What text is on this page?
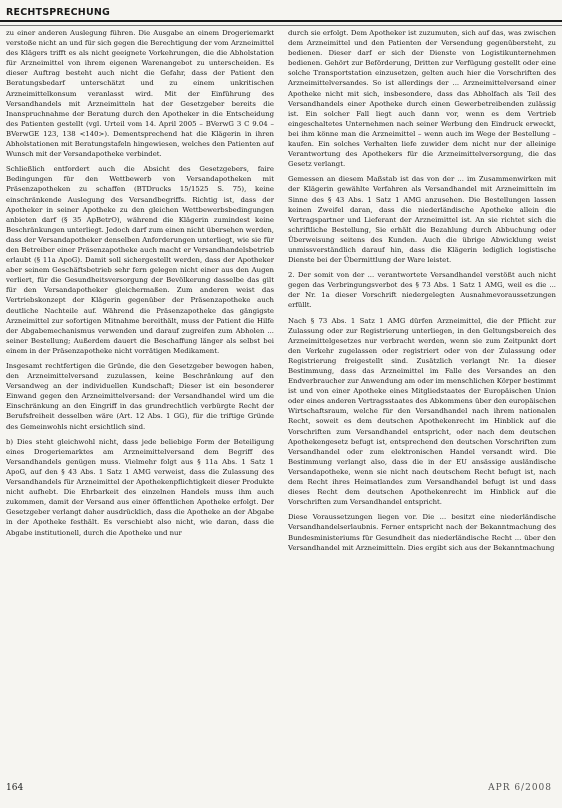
RECHTSPRECHUNG

zu einer anderen Auslegung führen. Die Ausgabe an einem Drogeriemarkt verstoße nicht an und für sich gegen die Berechtigung der vom Arzneimittel des Klägers trifft es als nicht geeignete Vorkehrungen, die die Abholstation für Arzneimittel von ihrem eigenen Warenangebot zu unterscheiden. Es dieser Auftrag besteht auch nicht die Gefahr, dass der Patient den Beratungsbedarf unterschätzt und zu einem unkritischen Arzneimittelkonsum veranlasst wird. Mit der Einführung des Versandhandels mit Arzneimitteln hat der Gesetzgeber bereits die Inanspruchnahme der Beratung durch den Apotheker in die Entscheidung des Patienten gestellt (vgl. Urteil vom 14. April 2005 – BVerwG 3 C 9.04 – BVerwGE 123, 138 <140>). Dementsprechend hat die Klägerin in ihren Abholstationen mit Beratungstafeln hingewiesen, welches den Patienten auf Wunsch mit der Versandapotheke verbindet.

Schließlich entfordert auch die Absicht des Gesetzgebers, faire Bedingungen für den Wettbewerb von Versandapotheken mit Präsenzapotheken zu schaffen (BTDrucks 15/1525 S. 75), keine einschränkende Auslegung des Versandbegriffs. Richtig ist, dass der Apotheker in seiner Apotheke zu den gleichen Wettbewerbsbedingungen anbieten darf (§ 35 ApBetrO), während die Klägerin zumindest keine Beschränkungen unterliegt. Jedoch darf zum einen nicht übersehen werden, dass der Versandapotheker denselben Anforderungen unterliegt, wie sie für den Betreiber einer Präsenzapotheke auch macht er Versandhandelsbetrieb erlaubt (§ 11a ApoG). Damit soll sichergestellt werden, dass der Apotheker aber seinem Geschäftsbetrieb sehr fern gelegen nicht einer aus den Augen verliert, für die Gesundheitsversorgung der Bevölkerung dasselbe das gilt für den Versandapotheker gleichermaßen. Zum anderen weist das Vertriebskonzept der Klägerin gegenüber der Präsenzapotheke auch deutliche Nachteile auf. Während die Präsenzapotheke das gängigste Arzneimittel zur sofortigen Mitnahme bereithält, muss der Patient die Hilfe der Abgabemechanismus verwenden und darauf zugreifen zum Abholen ... seiner Bestellung; Außerdem dauert die Beschaffung länger als selbst bei einem in der Präsenzapotheke nicht vorrätigen Medikament.

Insgesamt rechtfertigen die Gründe, die den Gesetzgeber bewogen haben, den Arzneimittelversand zuzulassen, keine Beschränkung auf den Versandweg an der individuellen Kundschaft; Dieser ist ein besonderer Einwand gegen den Arzneimittelversand: der Versandhandel wird um die Einschränkung an den Eingriff in das grundrechtlich verbürgte Recht der Berufsfreiheit desselben wäre (Art. 12 Abs. 1 GG), für die triftige Gründe des Gemeinwohls nicht ersichtlich sind.

b) Dies steht gleichwohl nicht, dass jede beliebige Form der Beteiligung eines Drogeriemarktes am Arzneimittelversand dem Begriff des Versandhandels genügen muss. Vielmehr folgt aus § 11a Abs. 1 Satz 1 ApoG, auf den § 43 Abs. 1 Satz 1 AMG verweist, dass die Zulassung des Versandhandels für Arzneimittel der Apothekenpflichtigkeit dieser Produkte nicht aufhebt. Die Ehrbarkeit des einzelnen Handels muss ihm auch zukommen, damit der Versand aus einer öffentlichen Apotheke erfolgt. Der Gesetzgeber verlangt daher ausdrücklich, dass die Apotheke an der Abgabe in der Apotheke festhält. Es verschiebt also nicht, wie daran, dass die Abgabe institutionell, durch die Apotheke und nur

durch sie erfolgt. Dem Apotheker ist zuzumuten, sich auf das, was zwischen dem Arzneimittel und den Patienten der Versendung gegenübersteht, zu bedienen. Dieser darf er sich der Dienste von Logistikunternehmen bedienen. Gehört zur Beförderung, Dritten zur Verfügung gestellt oder eine solche Transportstation einzusetzen, gelten auch hier die Vorschriften des Arzneimittelversandes. So ist allerdings der ... Arzneimittelversand einer Apotheke nicht mit sich, insbesondere, dass das Abholfach als Teil des Versandhandels einer Apotheke durch einen Gewerbetreibenden zulässig ist. Ein solcher Fall liegt auch dann vor, wenn es dem Vertrieb eingeschaltetes Unternehmen nach seiner Werbung den Eindruck erweckt, bei ihm könne man die Arzneimittel – wenn auch im Wege der Bestellung – kaufen. Ein solches Verhalten liefe zuwider dem nicht nur der alleinige Verantwortung des Apothekers für die Arzneimittelversorgung, die das Gesetz verlangt.

Gemessen an diesem Maßstab ist das von der ... im Zusammenwirken mit der Klägerin gewählte Verfahren als Versandhandel mit Arzneimitteln im Sinne des § 43 Abs. 1 Satz 1 AMG anzusehen. Die Bestellungen lassen keinen Zweifel daran, dass die niederländische Apotheke allein die Vertragspartner und Lieferant der Arzneimittel ist. An sie richtet sich die schriftliche Bestellung, Sie erhält die Bezahlung durch Abbuchung oder Überweisung seitens des Kunden. Auch die übrige Abwicklung weist unmissverständlich darauf hin, dass die Klägerin lediglich logistische Dienste bei der Übermittlung der Ware leistet.

2. Der somit von der ... verantwortete Versandhandel verstößt auch nicht gegen das Verbringungsverbot des § 73 Abs. 1 Satz 1 AMG, weil es die ... der Nr. 1a dieser Vorschrift niedergelegten Ausnahmevoraussetzungen erfüllt.

Nach § 73 Abs. 1 Satz 1 AMG dürfen Arzneimittel, die der Pflicht zur Zulassung oder zur Registrierung unterliegen, in den Geltungsbereich des Arzneimittelgesetzes nur verbracht werden, wenn sie zum Zeitpunkt dort den Verkehr zugelassen oder registriert oder von der Zulassung oder Registrierung freigestellt sind. Zusätzlich verlangt Nr. 1a dieser Bestimmung, dass das Arzneimittel im Falle des Versandes an den Endverbraucher zur Anwendung am oder im menschlichen Körper bestimmt ist und von einer Apotheke eines Mitgliedstaates der Europäischen Union oder eines anderen Vertragsstaates des Abkommens über den europäischen Wirtschaftsraum, welche für den Versandhandel nach ihrem nationalen Recht, soweit es dem deutschen Apothekenrecht im Hinblick auf die Vorschriften zum Versandhandel entspricht, oder nach dem deutschen Apothekengesetz befugt ist, entsprechend den deutschen Vorschriften zum Versandhandel oder zum elektronischen Handel versandt wird. Die Bestimmung verlangt also, dass die in der EU ansässige ausländische Versandapotheke, wenn sie nicht nach deutschem Recht befugt ist, nach dem Recht ihres Heimatlandes zum Versandhandel befugt ist und dass dieses Recht dem deutschen Apothekenrecht im Hinblick auf die Vorschriften zum Versandhandel entspricht.

Diese Voraussetzungen liegen vor. Die ... besitzt eine niederländische Versandhandelserlaubnis. Ferner entspricht nach der Bekanntmachung des Bundesministeriums für Gesundheit das niederländische Recht ... über den Versandhandel mit Arzneimitteln. Dies ergibt sich aus der Bekanntmachung

164	APR 6/2008
